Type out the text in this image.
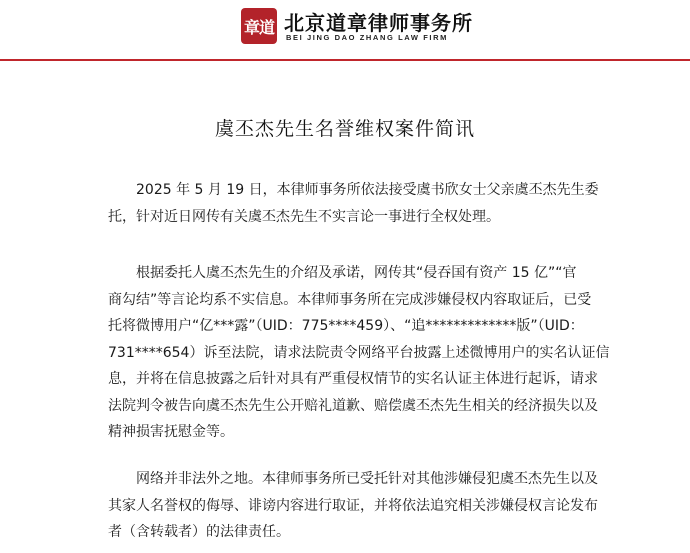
章道 北京道章律师事务所
BEI JING DAO ZHANG LAW FIRM
虞丕杰先生名誉维权案件简讯
　　2025 年 5 月 19 日，本律师事务所依法接受虞书欣女士父亲虞丕杰先生委
托，针对近日网传有关虞丕杰先生不实言论一事进行全权处理。
　　根据委托人虞丕杰先生的介绍及承诺，网传其“侵吞国有资产 15 亿”“官
商勾结”等言论均系不实信息。本律师事务所在完成涉嫌侵权内容取证后，已受
托将微博用户“亿***露”（UID：775****459）、“追*************版”（UID：
731****654）诉至法院，请求法院责令网络平台披露上述微博用户的实名认证信
息，并将在信息披露之后针对具有严重侵权情节的实名认证主体进行起诉，请求
法院判令被告向虞丕杰先生公开赔礼道歉、赔偿虞丕杰先生相关的经济损失以及
精神损害抚慰金等。
　　网络并非法外之地。本律师事务所已受托针对其他涉嫌侵犯虞丕杰先生以及
其家人名誉权的侮辱、诽谤内容进行取证，并将依法追究相关涉嫌侵权言论发布
者（含转载者）的法律责任。
